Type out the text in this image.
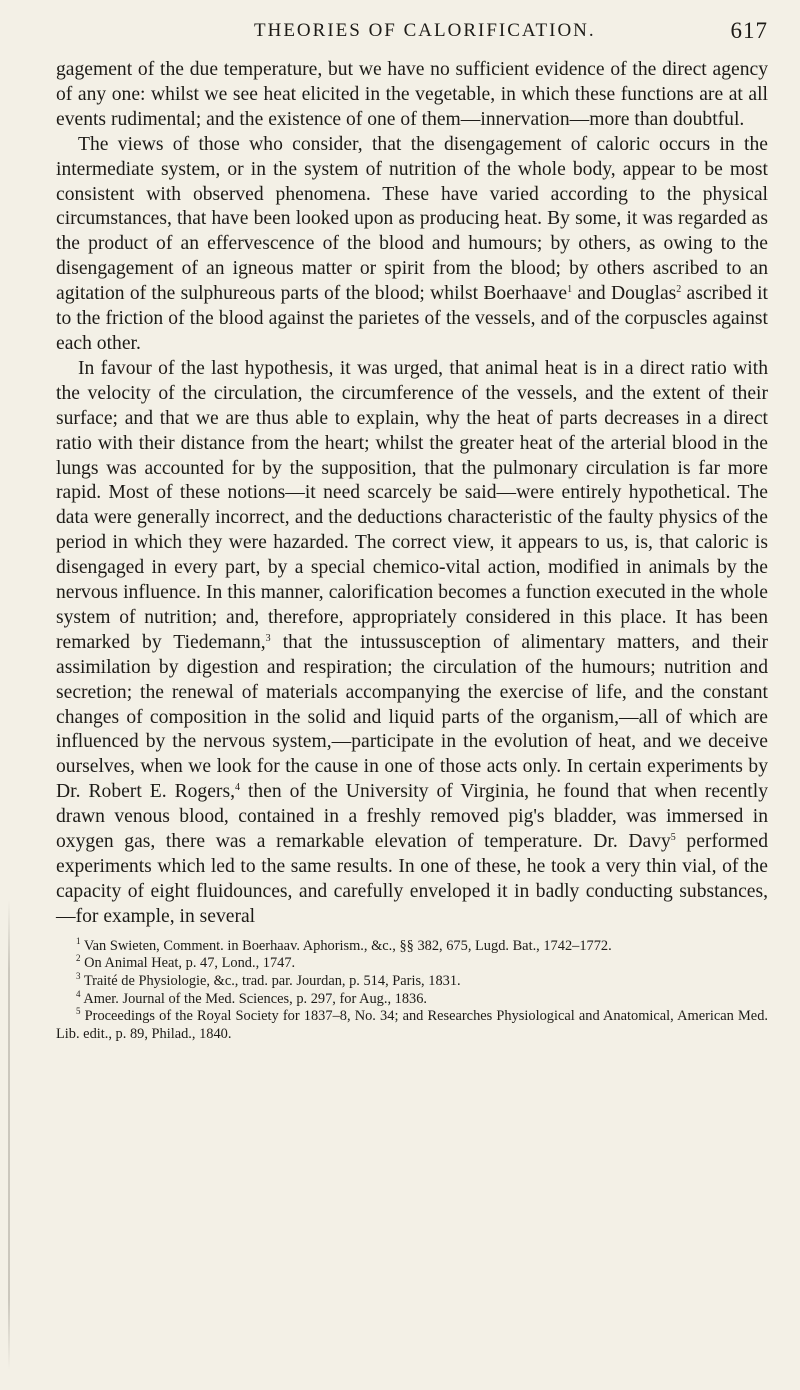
THEORIES OF CALORIFICATION.	617

gagement of the due temperature, but we have no sufficient evidence of the direct agency of any one: whilst we see heat elicited in the vegetable, in which these functions are at all events rudimental; and the existence of one of them—innervation—more than doubtful.

The views of those who consider, that the disengagement of caloric occurs in the intermediate system, or in the system of nutrition of the whole body, appear to be most consistent with observed phenomena. These have varied according to the physical circumstances, that have been looked upon as producing heat. By some, it was regarded as the product of an effervescence of the blood and humours; by others, as owing to the disengagement of an igneous matter or spirit from the blood; by others ascribed to an agitation of the sulphureous parts of the blood; whilst Boerhaave$^1$ and Douglas$^2$ ascribed it to the friction of the blood against the parietes of the vessels, and of the corpuscles against each other.

In favour of the last hypothesis, it was urged, that animal heat is in a direct ratio with the velocity of the circulation, the circumference of the vessels, and the extent of their surface; and that we are thus able to explain, why the heat of parts decreases in a direct ratio with their distance from the heart; whilst the greater heat of the arterial blood in the lungs was accounted for by the supposition, that the pulmonary circulation is far more rapid. Most of these notions—it need scarcely be said—were entirely hypothetical. The data were generally incorrect, and the deductions characteristic of the faulty physics of the period in which they were hazarded. The correct view, it appears to us, is, that caloric is disengaged in every part, by a special chemico-vital action, modified in animals by the nervous influence. In this manner, calorification becomes a function executed in the whole system of nutrition; and, therefore, appropriately considered in this place. It has been remarked by Tiedemann,$^3$ that the intussusception of alimentary matters, and their assimilation by digestion and respiration; the circulation of the humours; nutrition and secretion; the renewal of materials accompanying the exercise of life, and the constant changes of composition in the solid and liquid parts of the organism,—all of which are influenced by the nervous system,—participate in the evolution of heat, and we deceive ourselves, when we look for the cause in one of those acts only. In certain experiments by Dr. Robert E. Rogers,$^4$ then of the University of Virginia, he found that when recently drawn venous blood, contained in a freshly removed pig's bladder, was immersed in oxygen gas, there was a remarkable elevation of temperature. Dr. Davy$^5$ performed experiments which led to the same results. In one of these, he took a very thin vial, of the capacity of eight fluidounces, and carefully enveloped it in badly conducting substances,—for example, in several

$^1$ Van Swieten, Comment. in Boerhaav. Aphorism., &c., §§ 382, 675, Lugd. Bat., 1742–1772.

$^2$ On Animal Heat, p. 47, Lond., 1747.

$^3$ Traité de Physiologie, &c., trad. par. Jourdan, p. 514, Paris, 1831.

$^4$ Amer. Journal of the Med. Sciences, p. 297, for Aug., 1836.

$^5$ Proceedings of the Royal Society for 1837–8, No. 34; and Researches Physiological and Anatomical, American Med. Lib. edit., p. 89, Philad., 1840.
